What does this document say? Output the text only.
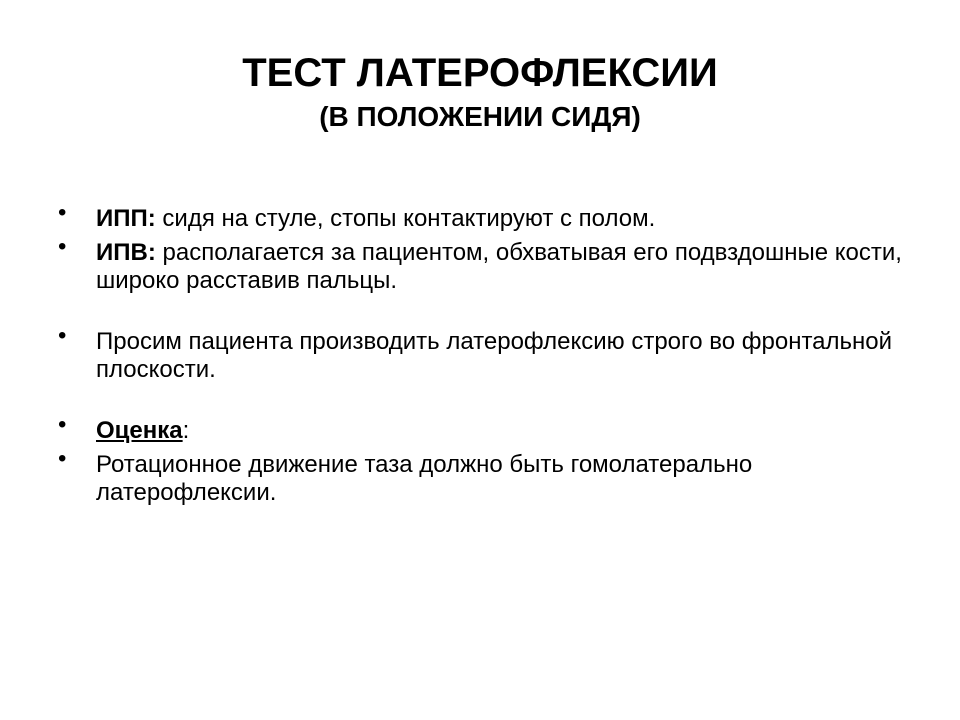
ТЕСТ ЛАТЕРОФЛЕКСИИ
(В ПОЛОЖЕНИИ СИДЯ)
• ИПП: сидя на стуле, стопы контактируют с полом.
• ИПВ: располагается за пациентом, обхватывая его подвздошные кости, широко расставив пальцы.
• Просим пациента производить латерофлексию строго во фронтальной плоскости.
• Оценка:
• Ротационное движение таза должно быть гомолатерально латерофлексии.
